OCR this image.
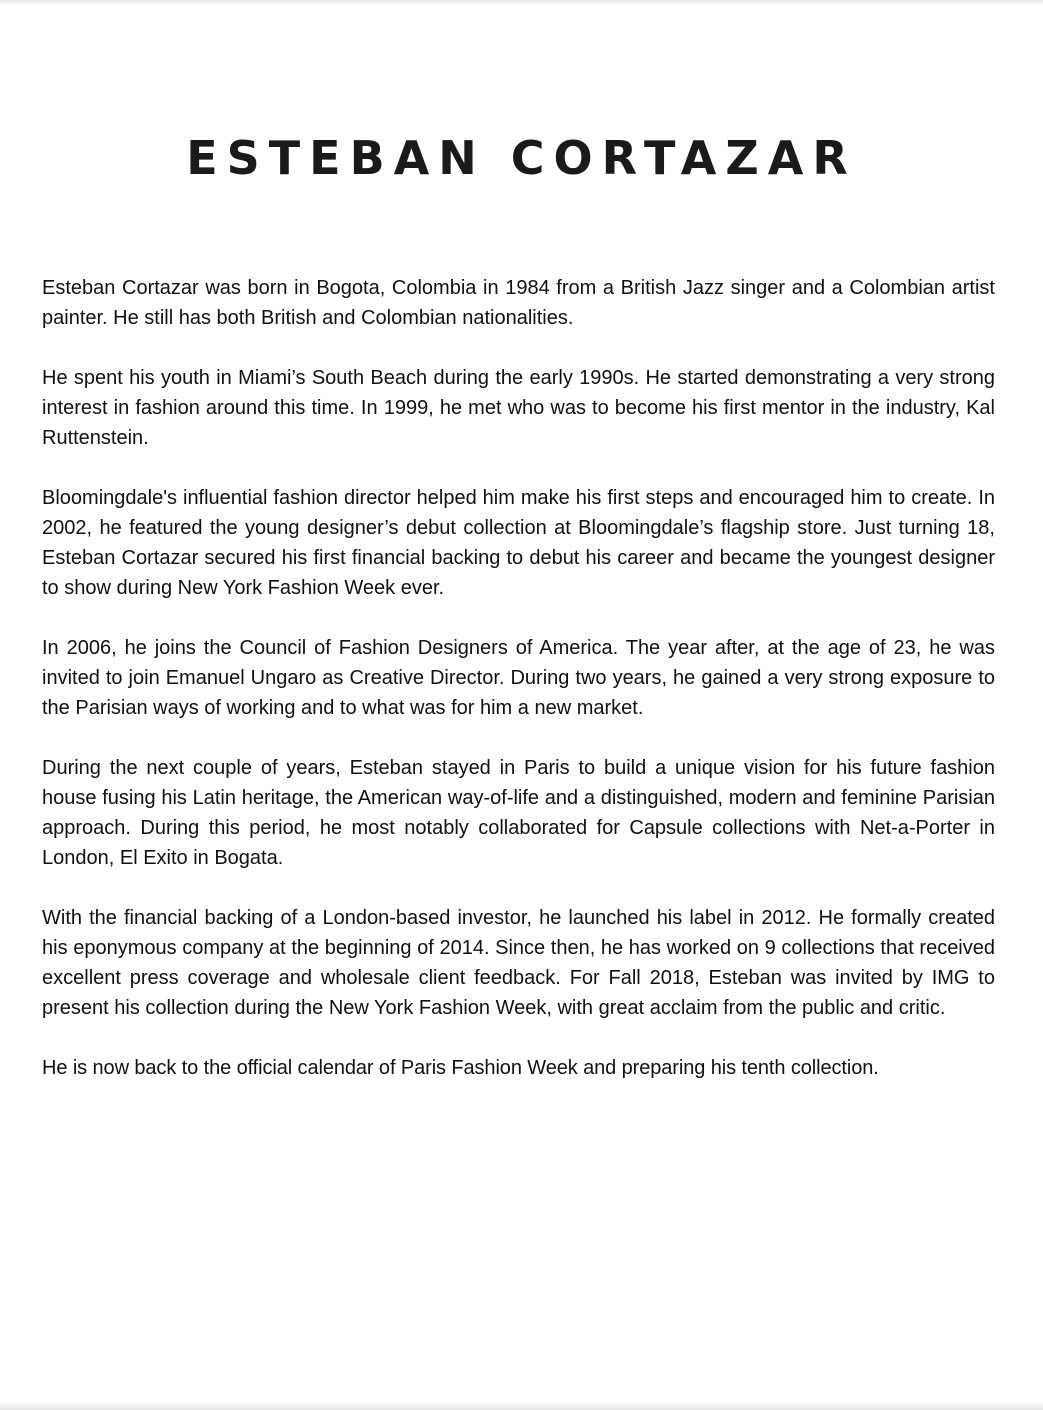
ESTEBAN CORTAZAR

Esteban Cortazar was born in Bogota, Colombia in 1984 from a British Jazz singer and a Colombian artist painter. He still has both British and Colombian nationalities.

He spent his youth in Miami’s South Beach during the early 1990s. He started demonstrating a very strong interest in fashion around this time. In 1999, he met who was to become his first mentor in the industry, Kal Ruttenstein.

Bloomingdale's influential fashion director helped him make his first steps and encouraged him to create. In 2002, he featured the young designer’s debut collection at Bloomingdale’s flagship store. Just turning 18, Esteban Cortazar secured his first financial backing to debut his career and became the youngest designer to show during New York Fashion Week ever.

In 2006, he joins the Council of Fashion Designers of America. The year after, at the age of 23, he was invited to join Emanuel Ungaro as Creative Director. During two years, he gained a very strong exposure to the Parisian ways of working and to what was for him a new market.

During the next couple of years, Esteban stayed in Paris to build a unique vision for his future fashion house fusing his Latin heritage, the American way-of-life and a distinguished, modern and feminine Parisian approach. During this period, he most notably collaborated for Capsule collections with Net-a-Porter in London, El Exito in Bogata.

With the financial backing of a London-based investor, he launched his label in 2012. He formally created his eponymous company at the beginning of 2014. Since then, he has worked on 9 collections that received excellent press coverage and wholesale client feedback. For Fall 2018, Esteban was invited by IMG to present his collection during the New York Fashion Week, with great acclaim from the public and critic.

He is now back to the official calendar of Paris Fashion Week and preparing his tenth collection.
